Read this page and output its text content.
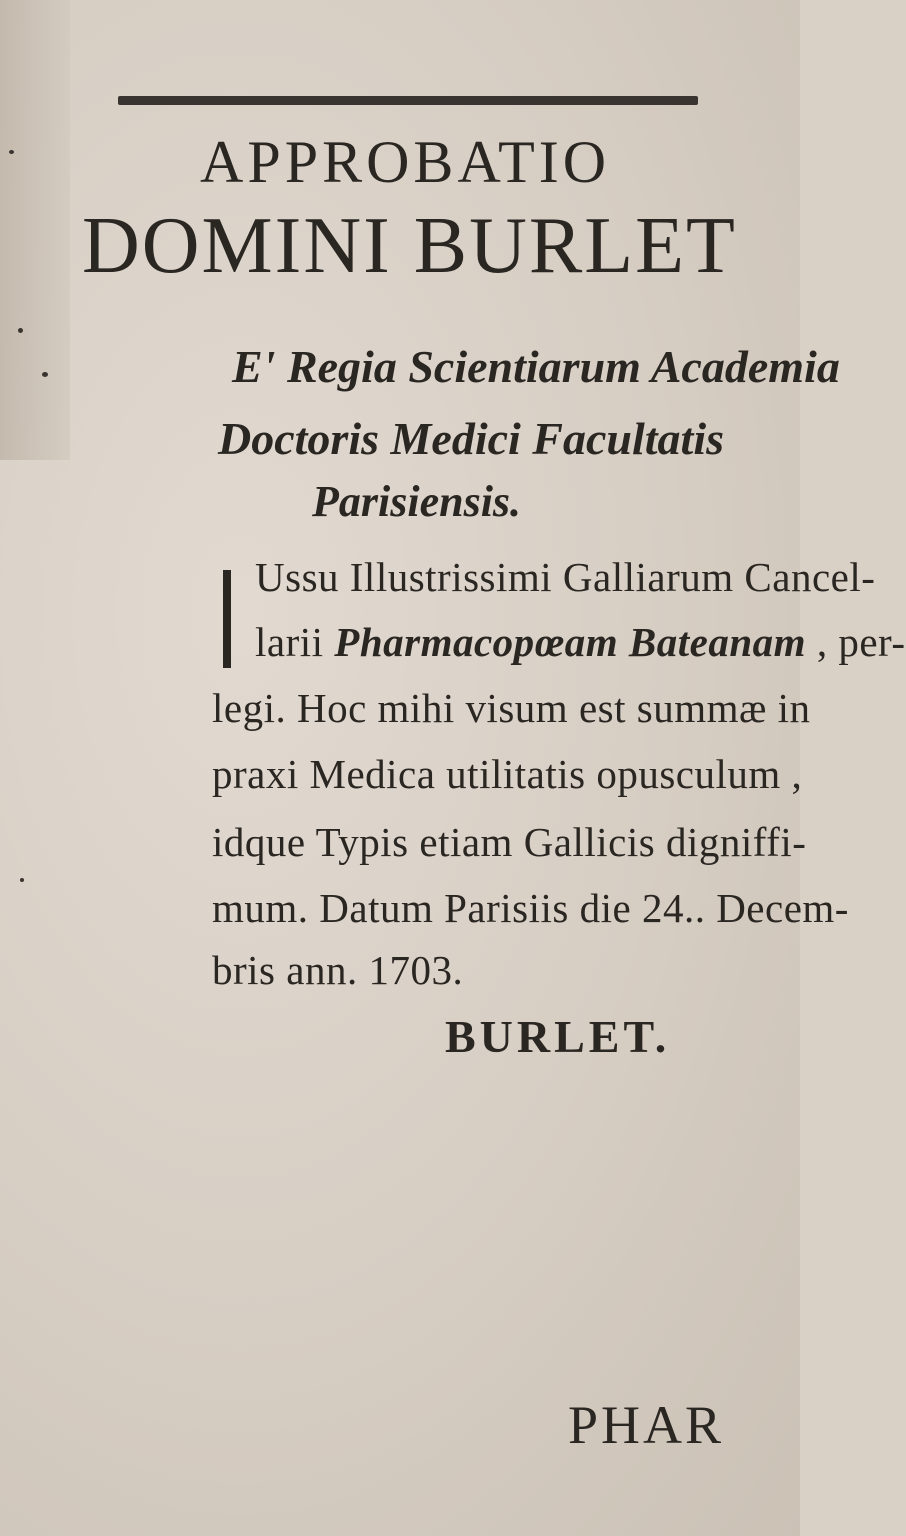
APPROBATIO
DOMINI BURLET
E' Regia Scientiarum Academia
Doctoris Medici Facultatis
Parisiensis.
Ussu Illustrissimi Galliarum Cancel-
larii Pharmacopœam Bateanam , per-
legi. Hoc mihi visum est summæ in
praxi Medica utilitatis opusculum ,
idque Typis etiam Gallicis digniffi-
mum. Datum Parisiis die 24.. Decem-
bris ann. 1703.
BURLET.
PHAR
